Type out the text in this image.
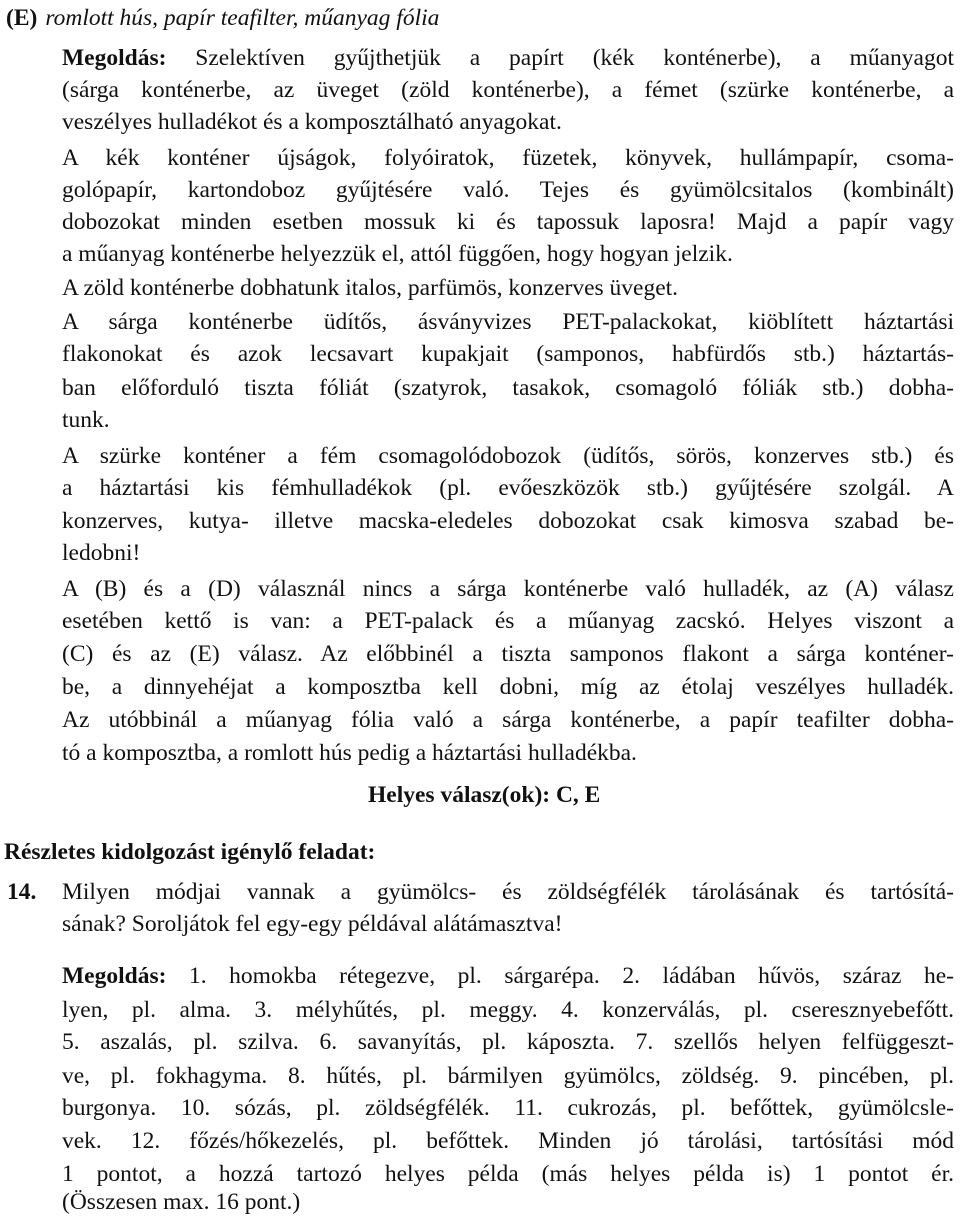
(E) romlott hús, papír teafilter, műanyag fólia
Megoldás: Szelektíven gyűjthetjük a papírt (kék konténerbe), a műanyagot
(sárga konténerbe, az üveget (zöld konténerbe), a fémet (szürke konténerbe, a
veszélyes hulladékot és a komposztálható anyagokat.
A kék konténer újságok, folyóiratok, füzetek, könyvek, hullámpapír, csoma-
golópapír, kartondoboz gyűjtésére való. Tejes és gyümölcsitalos (kombinált)
dobozokat minden esetben mossuk ki és tapossuk laposra! Majd a papír vagy
a műanyag konténerbe helyezzük el, attól függően, hogy hogyan jelzik.
A zöld konténerbe dobhatunk italos, parfümös, konzerves üveget.
A sárga konténerbe üdítős, ásványvizes PET-palackokat, kiöblített háztartási
flakonokat és azok lecsavart kupakjait (samponos, habfürdős stb.) háztartás-
ban előforduló tiszta fóliát (szatyrok, tasakok, csomagoló fóliák stb.) dobha-
tunk.
A szürke konténer a fém csomagolódobozok (üdítős, sörös, konzerves stb.) és
a háztartási kis fémhulladékok (pl. evőeszközök stb.) gyűjtésére szolgál. A
konzerves, kutya- illetve macska-eledeles dobozokat csak kimosva szabad be-
ledobni!
A (B) és a (D) válasznál nincs a sárga konténerbe való hulladék, az (A) válasz
esetében kettő is van: a PET-palack és a műanyag zacskó. Helyes viszont a
(C) és az (E) válasz. Az előbbinél a tiszta samponos flakont a sárga konténer-
be, a dinnyehéjat a komposztba kell dobni, míg az étolaj veszélyes hulladék.
Az utóbbinál a műanyag fólia való a sárga konténerbe, a papír teafilter dobha-
tó a komposztba, a romlott hús pedig a háztartási hulladékba.
Helyes válasz(ok): C, E
Részletes kidolgozást igénylő feladat:
14. Milyen módjai vannak a gyümölcs- és zöldségfélék tárolásának és tartósítá-
sának? Soroljátok fel egy-egy példával alátámasztva!
Megoldás: 1. homokba rétegezve, pl. sárgarépa. 2. ládában hűvös, száraz he-
lyen, pl. alma. 3. mélyhűtés, pl. meggy. 4. konzerválás, pl. cseresznyebefőtt.
5. aszalás, pl. szilva. 6. savanyítás, pl. káposzta. 7. szellős helyen felfüggeszt-
ve, pl. fokhagyma. 8. hűtés, pl. bármilyen gyümölcs, zöldség. 9. pincében, pl.
burgonya. 10. sózás, pl. zöldségfélék. 11. cukrozás, pl. befőttek, gyümölcsle-
vek. 12. főzés/hőkezelés, pl. befőttek. Minden jó tárolási, tartósítási mód
1 pontot, a hozzá tartozó helyes példa (más helyes példa is) 1 pontot ér.
(Összesen max. 16 pont.)
